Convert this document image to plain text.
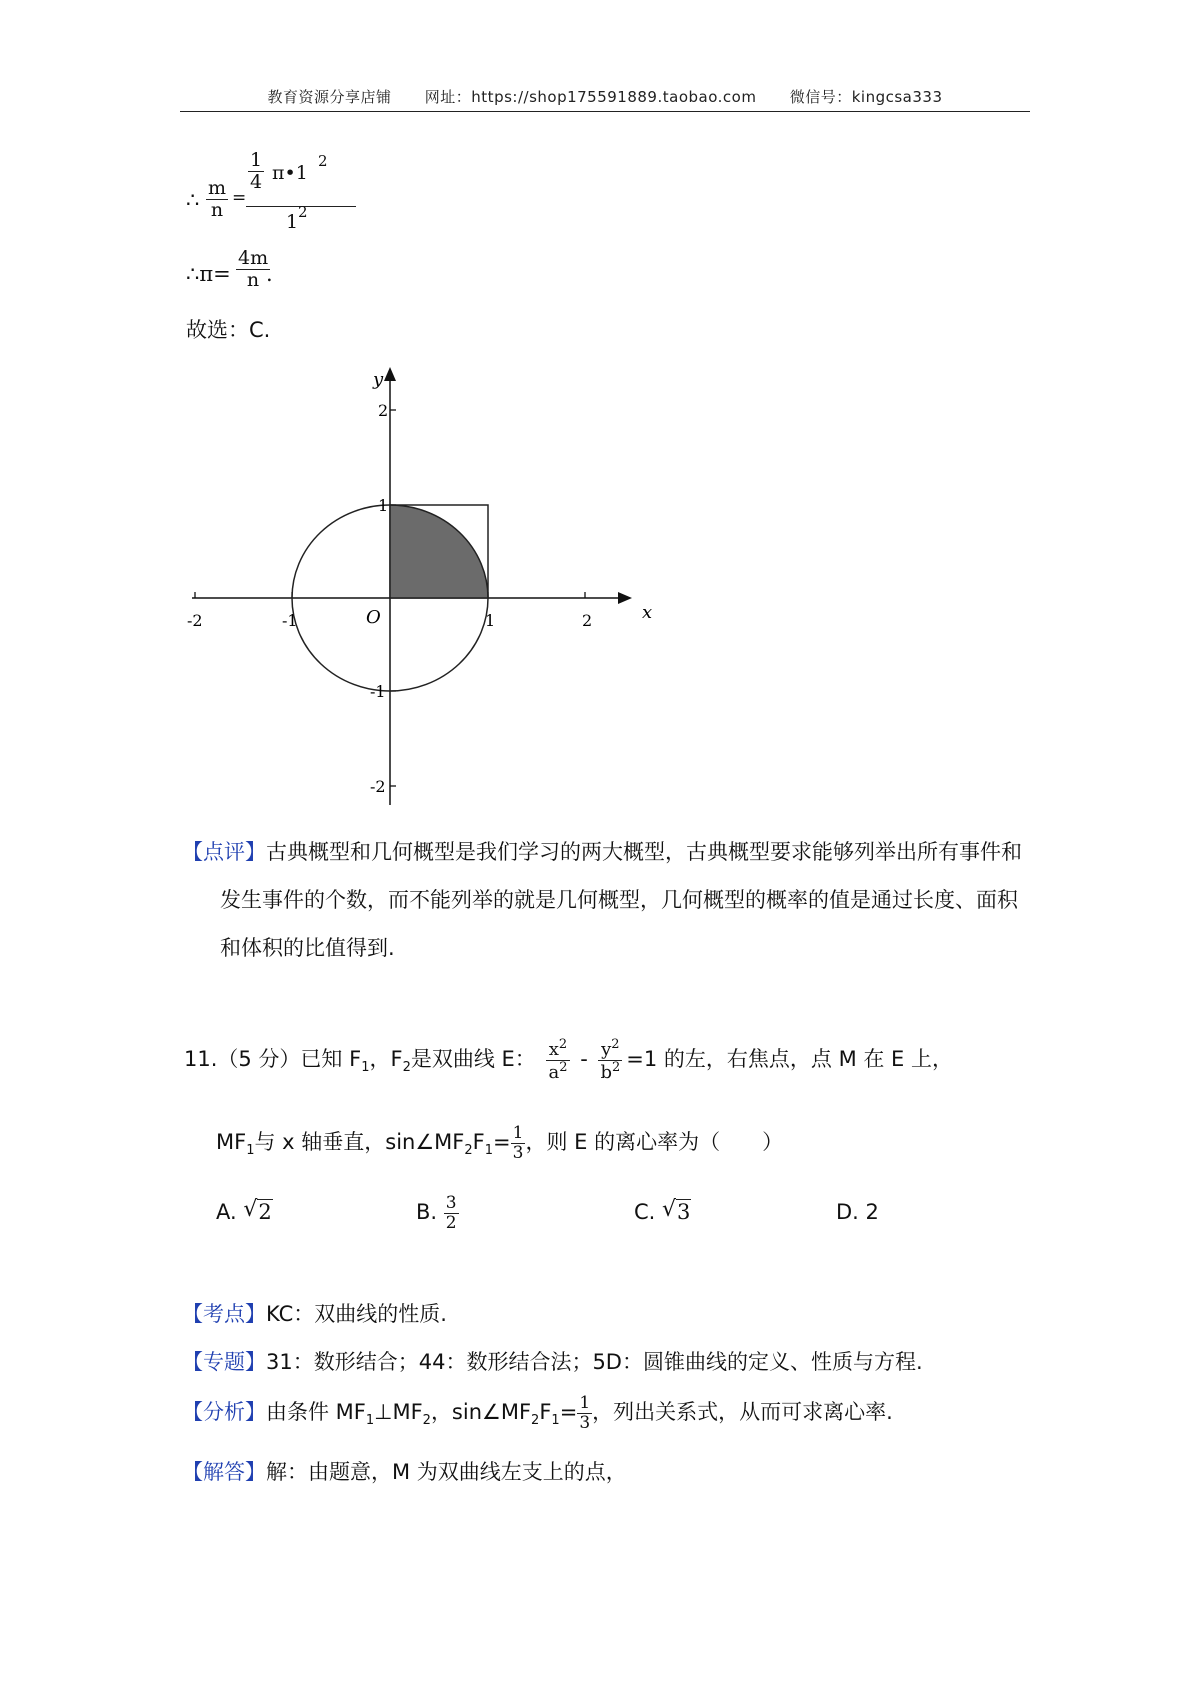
教育资源分享店铺 网址：https://shop175591889.taobao.com 微信号：kingcsa333
∴ $\frac{m}{n}$ =
$\frac{1}{4}$ π•1
2
1 2
∴π= $\frac{4m}{n}$
.
故选：C.
x
y
O
-2	-1	1	2
2
1
-1
-2
【点评】古典概型和几何概型是我们学习的两大概型，古典概型要求能够列举出所有事件和发生事件的个数，而不能列举的就是几何概型，几何概型的概率的值是通过长度、面积和体积的比值得到.
11.（5 分）已知 $F_1$，$F_2$是双曲线 E： $\frac{x^2}{a^2} - \frac{y^2}{b^2} =1$ 的左，右焦点，点 M 在 E 上，
$MF_1$与 x 轴垂直，$\sin\angle MF_2F_1= \frac{1}{3}$ ，则 E 的离心率为（　　）
A. √ 2	B. $\frac{3}{2}$	C. √ 3	D. 2
【考点】KC：双曲线的性质.
【专题】31：数形结合；44：数形结合法；5D：圆锥曲线的定义、性质与方程.
【分析】由条件 $MF_1\perp MF_2$，$\sin\angle MF_2F_1= \frac{1}{3}$ ，列出关系式，从而可求离心率.
【解答】解：由题意，M 为双曲线左支上的点，
